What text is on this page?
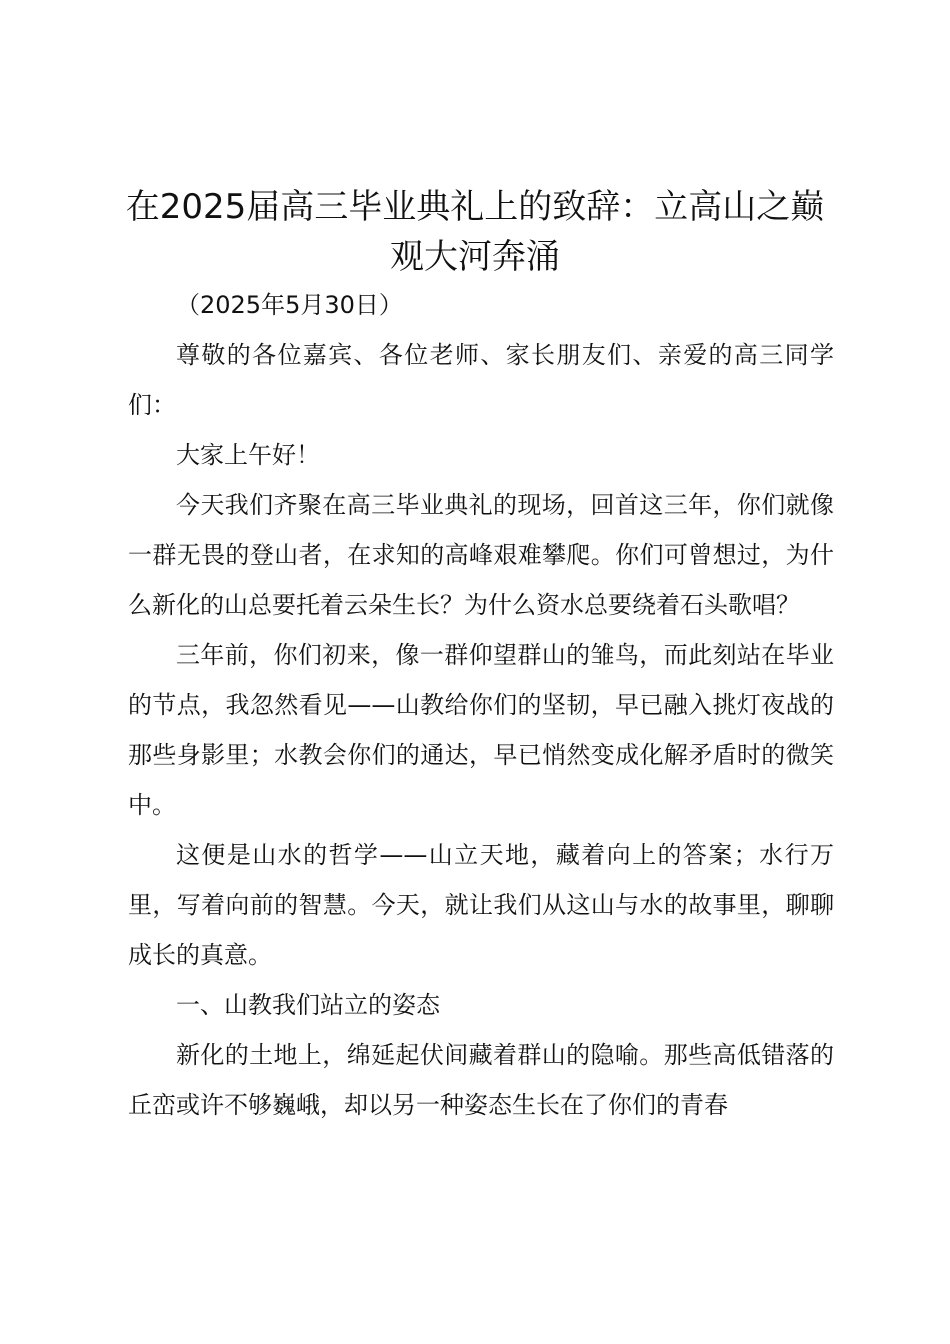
在2025届高三毕业典礼上的致辞：立高山之巅观大河奔涌

（2025年5月30日）

尊敬的各位嘉宾、各位老师、家长朋友们、亲爱的高三同学们：

大家上午好！

今天我们齐聚在高三毕业典礼的现场，回首这三年，你们就像一群无畏的登山者，在求知的高峰艰难攀爬。你们可曾想过，为什么新化的山总要托着云朵生长？为什么资水总要绕着石头歌唱？

三年前，你们初来，像一群仰望群山的雏鸟，而此刻站在毕业的节点，我忽然看见——山教给你们的坚韧，早已融入挑灯夜战的那些身影里；水教会你们的通达，早已悄然变成化解矛盾时的微笑中。

这便是山水的哲学——山立天地，藏着向上的答案；水行万里，写着向前的智慧。今天，就让我们从这山与水的故事里，聊聊成长的真意。

一、山教我们站立的姿态

新化的土地上，绵延起伏间藏着群山的隐喻。那些高低错落的丘峦或许不够巍峨，却以另一种姿态生长在了你们的青春
